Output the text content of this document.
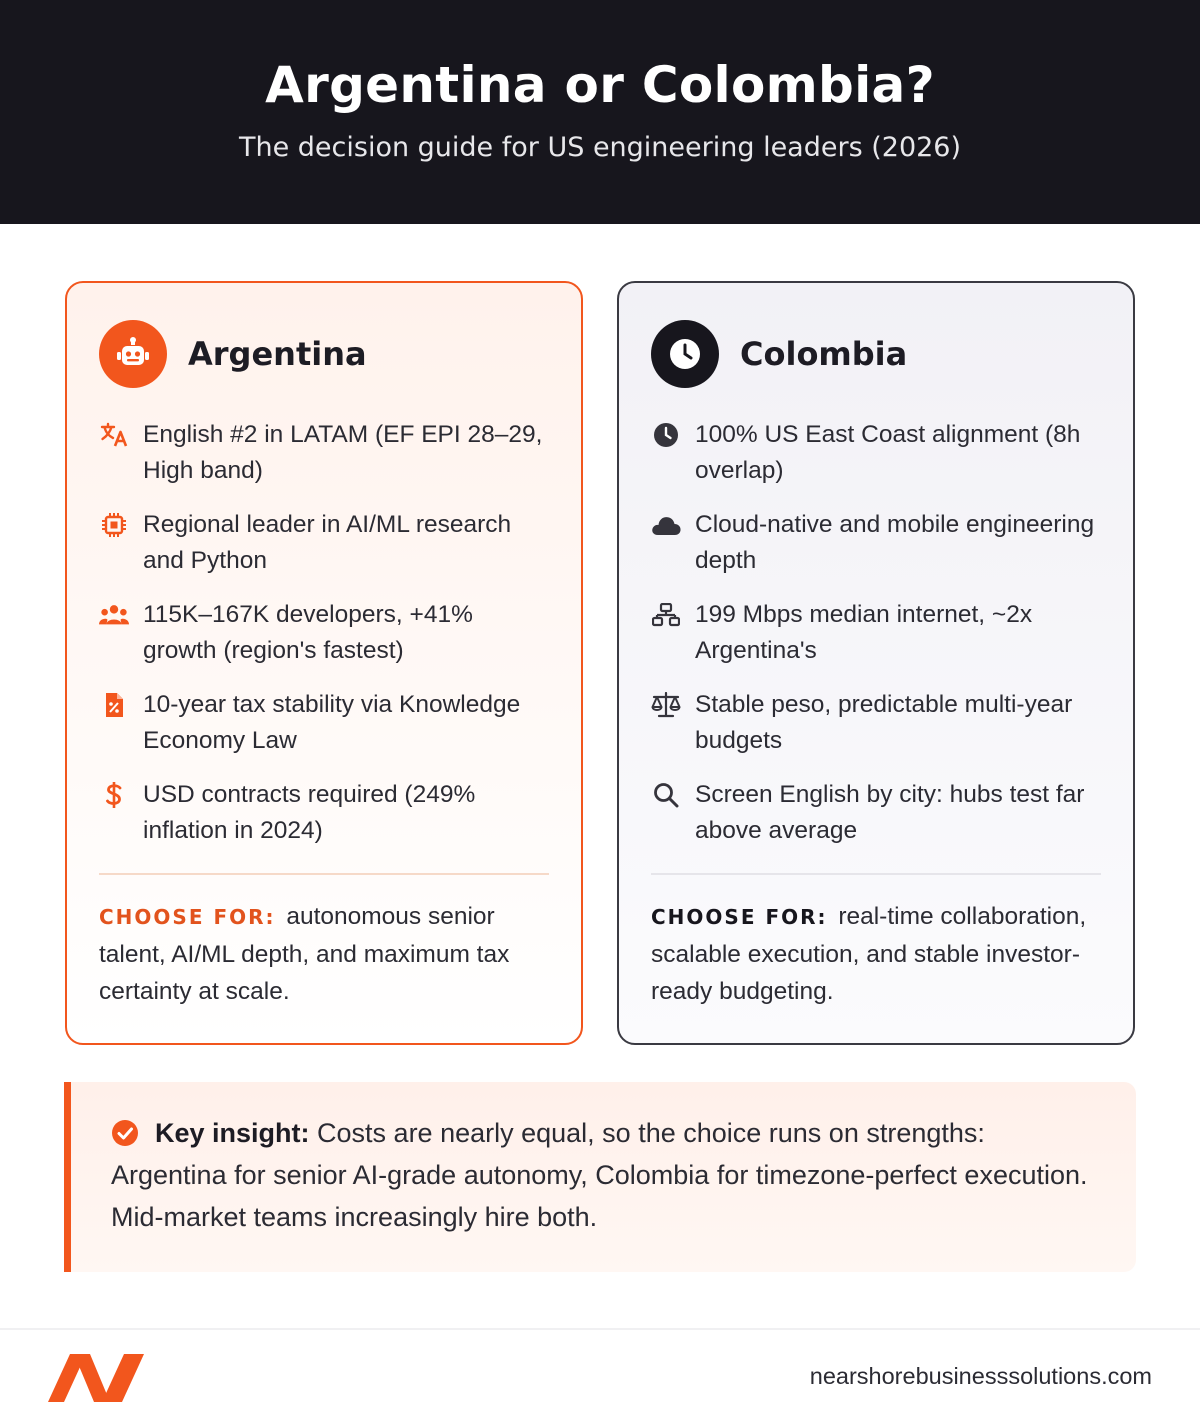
Argentina or Colombia?
The decision guide for US engineering leaders (2026)
Argentina
English #2 in LATAM (EF EPI 28–29, High band)
Regional leader in AI/ML research and Python
115K–167K developers, +41% growth (region's fastest)
10-year tax stability via Knowledge Economy Law
USD contracts required (249% inflation in 2024)
CHOOSE FOR: autonomous senior talent, AI/ML depth, and maximum tax certainty at scale.
Colombia
100% US East Coast alignment (8h overlap)
Cloud-native and mobile engineering depth
199 Mbps median internet, ~2x Argentina's
Stable peso, predictable multi-year budgets
Screen English by city: hubs test far above average
CHOOSE FOR: real-time collaboration, scalable execution, and stable investor-ready budgeting.

Key insight: Costs are nearly equal, so the choice runs on strengths: Argentina for senior AI-grade autonomy, Colombia for timezone-perfect execution. Mid-market teams increasingly hire both.

nearshorebusinesssolutions.com
